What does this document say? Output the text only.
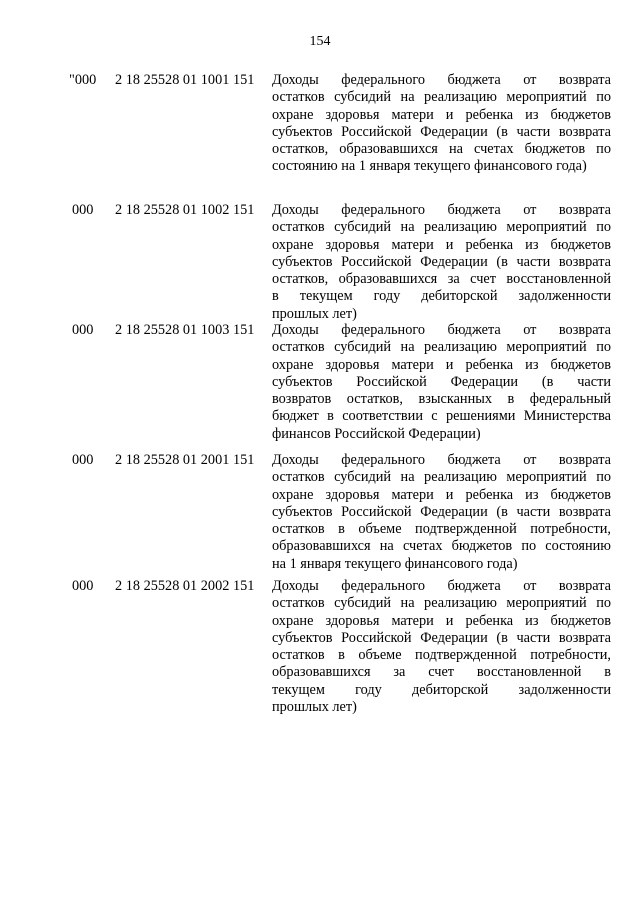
154
"000	2 18 25528 01 1001 151	Доходы федерального бюджета от возврата
остатков субсидий на реализацию мероприятий по
охране здоровья матери и ребенка из бюджетов
субъектов Российской Федерации (в части возврата
остатков, образовавшихся на счетах бюджетов по
состоянию на 1 января текущего финансового года)
000	2 18 25528 01 1002 151	Доходы федерального бюджета от возврата
остатков субсидий на реализацию мероприятий по
охране здоровья матери и ребенка из бюджетов
субъектов Российской Федерации (в части возврата
остатков, образовавшихся за счет восстановленной
в текущем году дебиторской задолженности
прошлых лет)
000	2 18 25528 01 1003 151	Доходы федерального бюджета от возврата
остатков субсидий на реализацию мероприятий по
охране здоровья матери и ребенка из бюджетов
субъектов Российской Федерации (в части
возвратов остатков, взысканных в федеральный
бюджет в соответствии с решениями Министерства
финансов Российской Федерации)
000	2 18 25528 01 2001 151	Доходы федерального бюджета от возврата
остатков субсидий на реализацию мероприятий по
охране здоровья матери и ребенка из бюджетов
субъектов Российской Федерации (в части возврата
остатков в объеме подтвержденной потребности,
образовавшихся на счетах бюджетов по состоянию
на 1 января текущего финансового года)
000	2 18 25528 01 2002 151	Доходы федерального бюджета от возврата
остатков субсидий на реализацию мероприятий по
охране здоровья матери и ребенка из бюджетов
субъектов Российской Федерации (в части возврата
остатков в объеме подтвержденной потребности,
образовавшихся за счет восстановленной в
текущем году дебиторской задолженности
прошлых лет)
